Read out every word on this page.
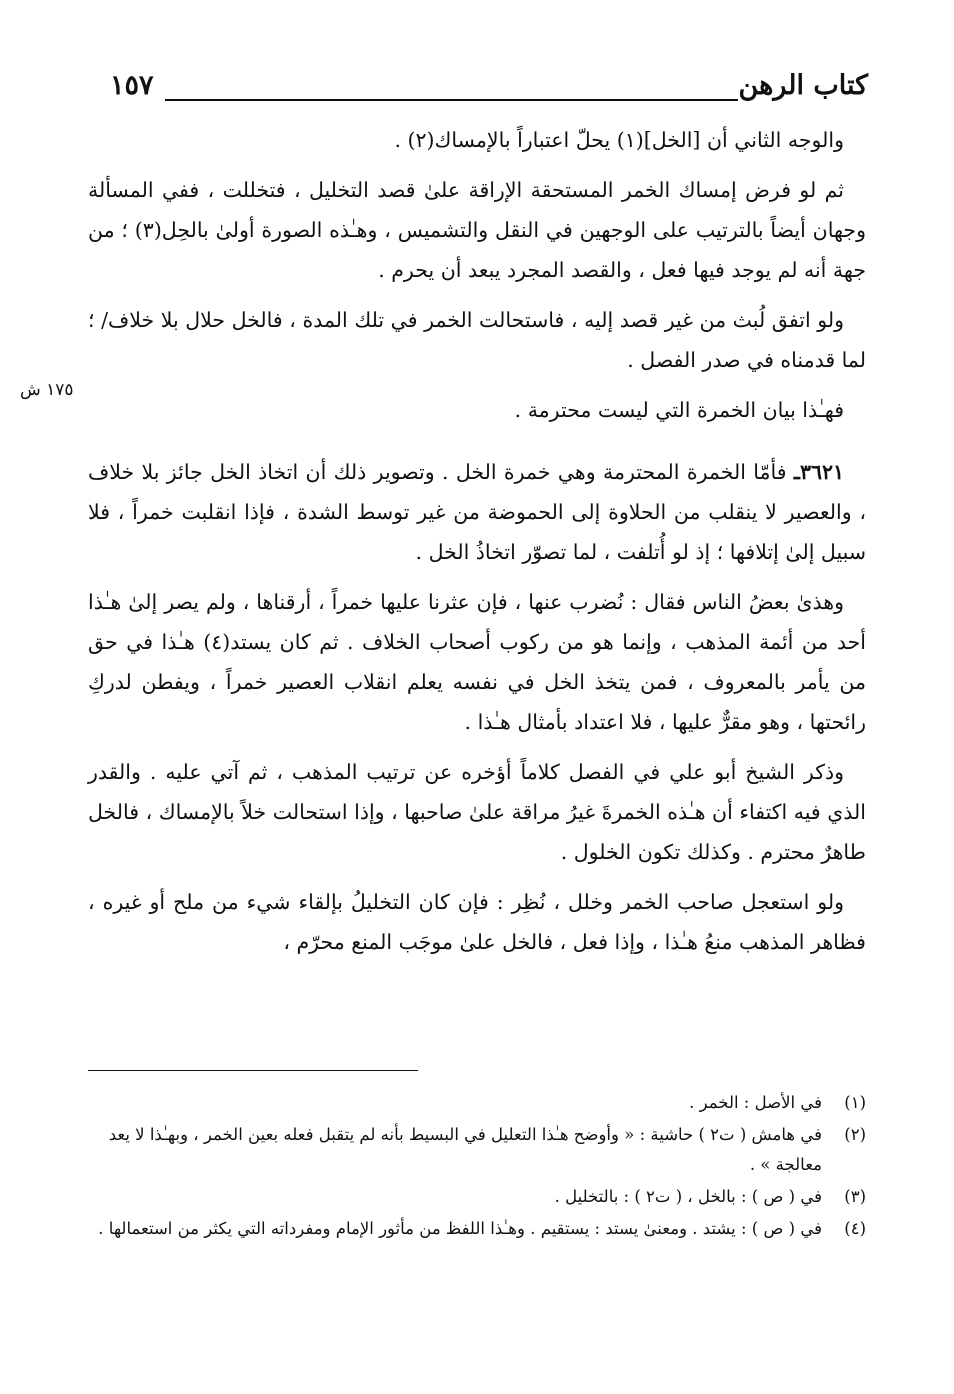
كتاب الرهن
١٥٧
١٧٥ ش

والوجه الثاني أن [الخل](١) يحلّ اعتباراً بالإمساك(٢) .

ثم لو فرض إمساك الخمر المستحقة الإراقة علىٰ قصد التخليل ، فتخللت ، ففي المسألة وجهان أيضاً بالترتيب على الوجهين في النقل والتشميس ، وهـٰذه الصورة أولىٰ بالحِل(٣) ؛ من جهة أنه لم يوجد فيها فعل ، والقصد المجرد يبعد أن يحرم .

ولو اتفق لُبث من غير قصد إليه ، فاستحالت الخمر في تلك المدة ، فالخل حلال بلا خلاف/ ؛ لما قدمناه في صدر الفصل .

فهـٰذا بيان الخمرة التي ليست محترمة .

٣٦٢١ـ فأمّا الخمرة المحترمة وهي خمرة الخل . وتصوير ذلك أن اتخاذ الخل جائز بلا خلاف ، والعصير لا ينقلب من الحلاوة إلى الحموضة من غير توسط الشدة ، فإذا انقلبت خمراً ، فلا سبيل إلىٰ إتلافها ؛ إذ لو أُتلفت ، لما تصوّر اتخاذُ الخل .

وهذىٰ بعضُ الناس فقال : نُضرب عنها ، فإن عثرنا عليها خمراً ، أرقناها ، ولم يصر إلىٰ هـٰذا أحد من أئمة المذهب ، وإنما هو من ركوب أصحاب الخلاف . ثم كان يستد(٤) هـٰذا في حق من يأمر بالمعروف ، فمن يتخذ الخل في نفسه يعلم انقلاب العصير خمراً ، ويفطن لدركِ رائحتها ، وهو مقرٌّ عليها ، فلا اعتداد بأمثال هـٰذا .

وذكر الشيخ أبو علي في الفصل كلاماً أؤخره عن ترتيب المذهب ، ثم آتي عليه . والقدر الذي فيه اكتفاء أن هـٰذه الخمرةَ غيرُ مراقة علىٰ صاحبها ، وإذا استحالت خلاً بالإمساك ، فالخل طاهرٌ محترم . وكذلك تكون الخلول .

ولو استعجل صاحب الخمر وخلل ، نُظِر : فإن كان التخليلُ بإلقاء شيء من ملح أو غيره ، فظاهر المذهب منعُ هـٰذا ، وإذا فعل ، فالخل علىٰ موجَب المنع محرّم ،

(١)
في الأصل : الخمر .
(٢)
في هامش ( ت٢ ) حاشية : « وأوضح هـٰذا التعليل في البسيط بأنه لم يتقبل فعله بعين الخمر ، وبهـٰذا لا يعد معالجة » .
(٣)
في ( ص ) : بالخل ، ( ت٢ ) : بالتخليل .
(٤)
في ( ص ) : يشتد . ومعنىٰ يستد : يستقيم . وهـٰذا اللفظ من مأثور الإمام ومفرداته التي يكثر من استعمالها .
